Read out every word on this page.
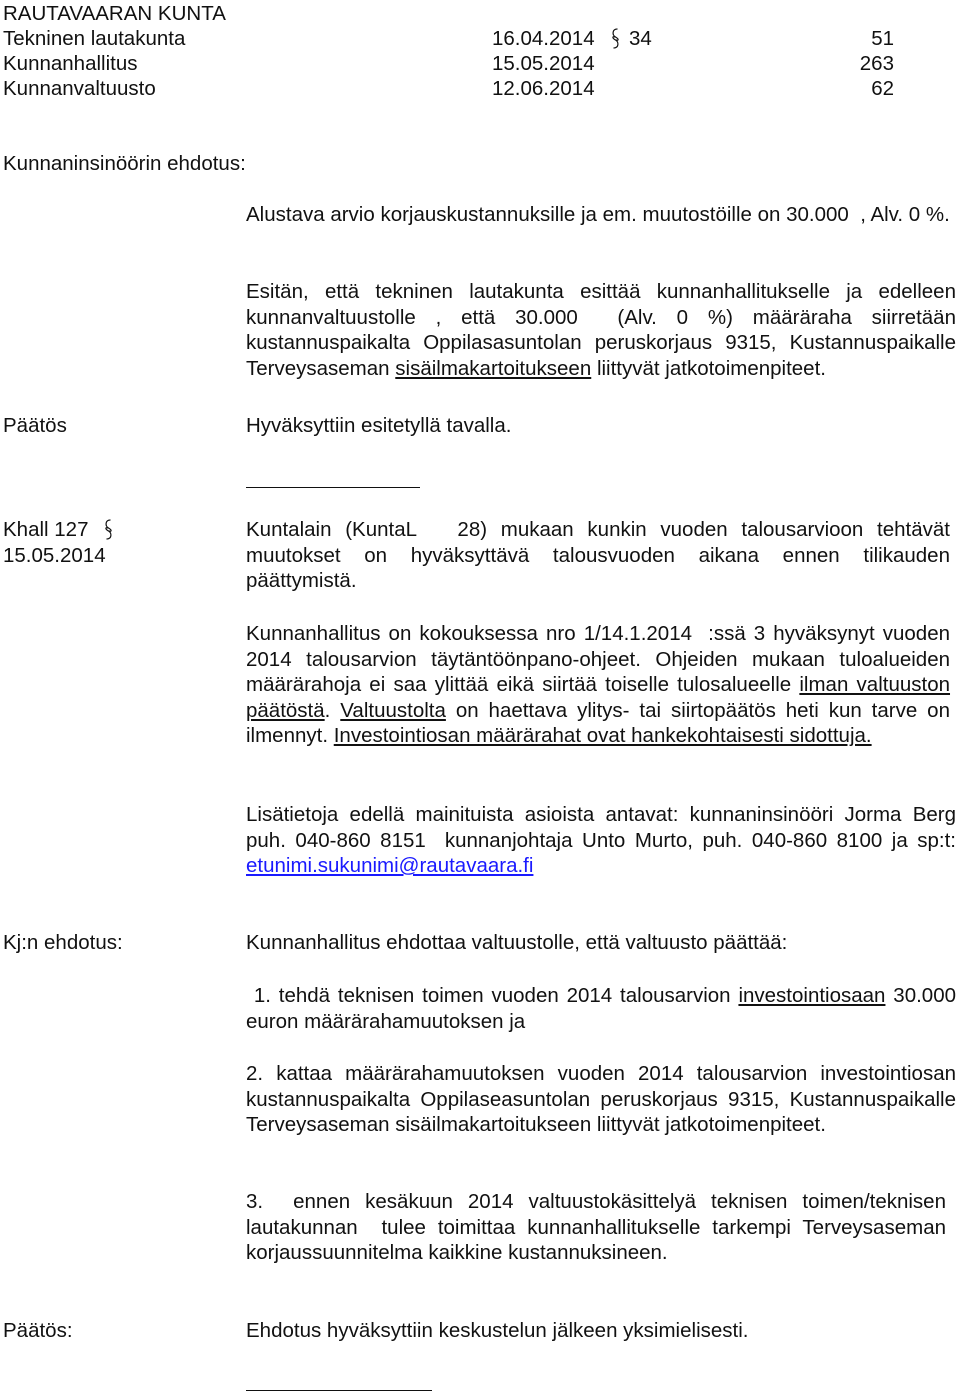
RAUTAVAARAN KUNTA
Tekninen lautakunta	16.04.2014 34	51
Kunnanhallitus	15.05.2014	263
Kunnanvaltuusto	12.06.2014	62
Kunnaninsinöörin ehdotus:
Alustava arvio korjauskustannuksille ja em. muutostöille on 30.000  , Alv. 0 %.
Esitän, että tekninen lautakunta esittää kunnanhallitukselle ja edelleen kunnanvaltuustolle , että 30.000  (Alv. 0 %) määräraha siirretään kustannuspaikalta Oppilasasuntolan peruskorjaus 9315, Kustannuspaikalle Terveysaseman sisäilmakartoitukseen liittyvät jatkotoimenpiteet.
Päätös	Hyväksyttiin esitetyllä tavalla.
Khall 127
15.05.2014
Kuntalain (KuntaL   28) mukaan kunkin vuoden talousarvioon tehtävät muutokset on hyväksyttävä talousvuoden aikana ennen tilikauden päättymistä.
Kunnanhallitus on kokouksessa nro 1/14.1.2014  :ssä 3 hyväksynyt vuoden 2014 talousarvion täytäntöönpano-ohjeet. Ohjeiden mukaan tuloalueiden määrärahoja ei saa ylittää eikä siirtää toiselle tulosalueelle ilman valtuuston päätöstä. Valtuustolta on haettava ylitys- tai siirtopäätös heti kun tarve on ilmennyt. Investointiosan määrärahat ovat hankekohtaisesti sidottuja.
Lisätietoja edellä mainituista asioista antavat: kunnaninsinööri Jorma Berg puh. 040-860 8151  kunnanjohtaja Unto Murto, puh. 040-860 8100 ja sp:t: etunimi.sukunimi@rautavaara.fi
Kj:n ehdotus:	Kunnanhallitus ehdottaa valtuustolle, että valtuusto päättää:
1. tehdä teknisen toimen vuoden 2014 talousarvion investointiosaan 30.000 euron määrärahamuutoksen ja
2. kattaa määrärahamuutoksen vuoden 2014 talousarvion investointiosan kustannuspaikalta Oppilaseasuntolan peruskorjaus 9315, Kustannuspaikalle Terveysaseman sisäilmakartoitukseen liittyvät jatkotoimenpiteet.
3.  ennen kesäkuun 2014 valtuustokäsittelyä teknisen toimen/teknisen lautakunnan  tulee toimittaa kunnanhallitukselle tarkempi Terveysaseman korjaussuunnitelma kaikkine kustannuksineen.
Päätös:	Ehdotus hyväksyttiin keskustelun jälkeen yksimielisesti.
